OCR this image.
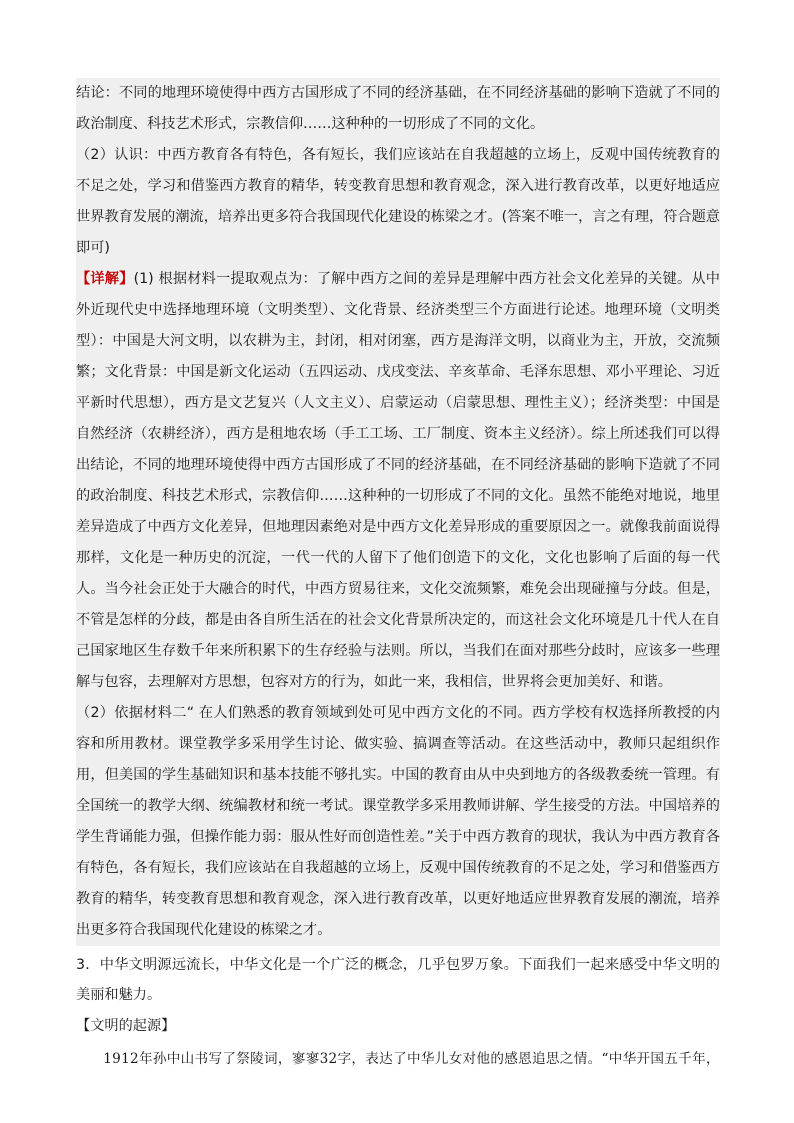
结论：不同的地理环境使得中西方古国形成了不同的经济基础，在不同经济基础的影响下造就了不同的政治制度、科技艺术形式，宗教信仰……这种种的一切形成了不同的文化。

（2）认识：中西方教育各有特色，各有短长，我们应该站在自我超越的立场上，反观中国传统教育的不足之处，学习和借鉴西方教育的精华，转变教育思想和教育观念，深入进行教育改革，以更好地适应世界教育发展的潮流，培养出更多符合我国现代化建设的栋梁之才。(答案不唯一，言之有理，符合题意即可)

【详解】(1) 根据材料一提取观点为：了解中西方之间的差异是理解中西方社会文化差异的关键。从中外近现代史中选择地理环境（文明类型）、文化背景、经济类型三个方面进行论述。地理环境（文明类型）：中国是大河文明，以农耕为主，封闭，相对闭塞，西方是海洋文明，以商业为主，开放，交流频繁；文化背景：中国是新文化运动（五四运动、戊戌变法、辛亥革命、毛泽东思想、邓小平理论、习近平新时代思想），西方是文艺复兴（人文主义）、启蒙运动（启蒙思想、理性主义）；经济类型：中国是自然经济（农耕经济），西方是租地农场（手工工场、工厂制度、资本主义经济）。综上所述我们可以得出结论，不同的地理环境使得中西方古国形成了不同的经济基础，在不同经济基础的影响下造就了不同的政治制度、科技艺术形式，宗教信仰……这种种的一切形成了不同的文化。虽然不能绝对地说，地里差异造成了中西方文化差异，但地理因素绝对是中西方文化差异形成的重要原因之一。就像我前面说得那样，文化是一种历史的沉淀，一代一代的人留下了他们创造下的文化，文化也影响了后面的每一代人。当今社会正处于大融合的时代，中西方贸易往来，文化交流频繁，难免会出现碰撞与分歧。但是，不管是怎样的分歧，都是由各自所生活在的社会文化背景所决定的，而这社会文化环境是几十代人在自己国家地区生存数千年来所积累下的生存经验与法则。所以，当我们在面对那些分歧时，应该多一些理解与包容，去理解对方思想，包容对方的行为，如此一来，我相信，世界将会更加美好、和谐。

（2）依据材料二“ 在人们熟悉的教育领域到处可见中西方文化的不同。西方学校有权选择所教授的内容和所用教材。课堂教学多采用学生讨论、做实验、搞调查等活动。在这些活动中，教师只起组织作用，但美国的学生基础知识和基本技能不够扎实。中国的教育由从中央到地方的各级教委统一管理。有全国统一的教学大纲、统编教材和统一考试。课堂教学多采用教师讲解、学生接受的方法。中国培养的学生背诵能力强，但操作能力弱：服从性好而创造性差。”关于中西方教育的现状，我认为中西方教育各有特色，各有短长，我们应该站在自我超越的立场上，反观中国传统教育的不足之处，学习和借鉴西方教育的精华，转变教育思想和教育观念，深入进行教育改革，以更好地适应世界教育发展的潮流，培养出更多符合我国现代化建设的栋梁之才。

3．中华文明源远流长，中华文化是一个广泛的概念，几乎包罗万象。下面我们一起来感受中华文明的美丽和魅力。

【文明的起源】

1912年孙中山书写了祭陵词，寥寥32字，表达了中华儿女对他的感恩追思之情。“中华开国五千年，
